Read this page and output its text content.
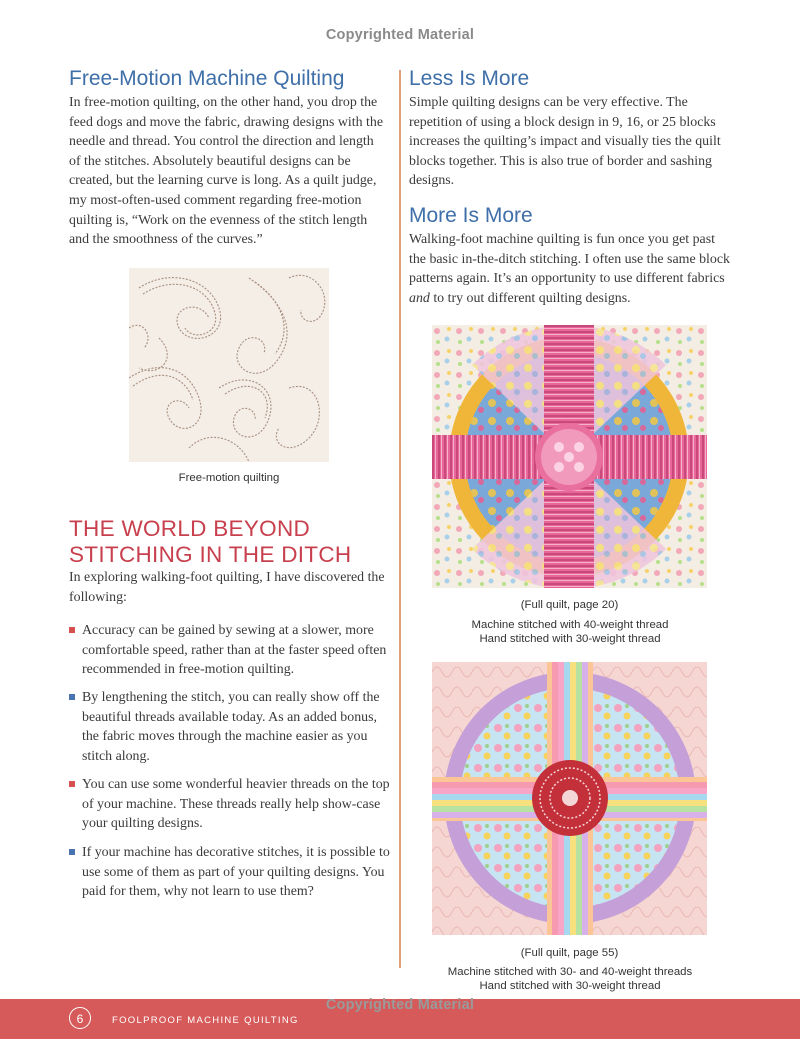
Copyrighted Material
Free-Motion Machine Quilting
In free-motion quilting, on the other hand, you drop the feed dogs and move the fabric, drawing designs with the needle and thread. You control the direction and length of the stitches. Absolutely beautiful designs can be created, but the learning curve is long. As a quilt judge, my most-often-used comment regarding free-motion quilting is, “Work on the evenness of the stitch length and the smoothness of the curves.”
Free-motion quilting
THE WORLD BEYOND
STITCHING IN THE DITCH
In exploring walking-foot quilting, I have discovered the following:
Accuracy can be gained by sewing at a slower, more comfortable speed, rather than at the faster speed often recommended in free-motion quilting.
By lengthening the stitch, you can really show off the beautiful threads available today. As an added bonus, the fabric moves through the machine easier as you stitch along.
You can use some wonderful heavier threads on the top of your machine. These threads really help show-case your quilting designs.
If your machine has decorative stitches, it is possible to use some of them as part of your quilting designs. You paid for them, why not learn to use them?
Less Is More
Simple quilting designs can be very effective. The repetition of using a block design in 9, 16, or 25 blocks increases the quilting’s impact and visually ties the quilt blocks together. This is also true of border and sashing designs.
More Is More
Walking-foot machine quilting is fun once you get past the basic in-the-ditch stitching. I often use the same block patterns again. It’s an opportunity to use different fabrics and to try out different quilting designs.
(Full quilt, page 20)
Machine stitched with 40-weight thread
Hand stitched with 30-weight thread
(Full quilt, page 55)
Machine stitched with 30- and 40-weight threads
Hand stitched with 30-weight thread
6	FOOLPROOF MACHINE QUILTING
Copyrighted Material
